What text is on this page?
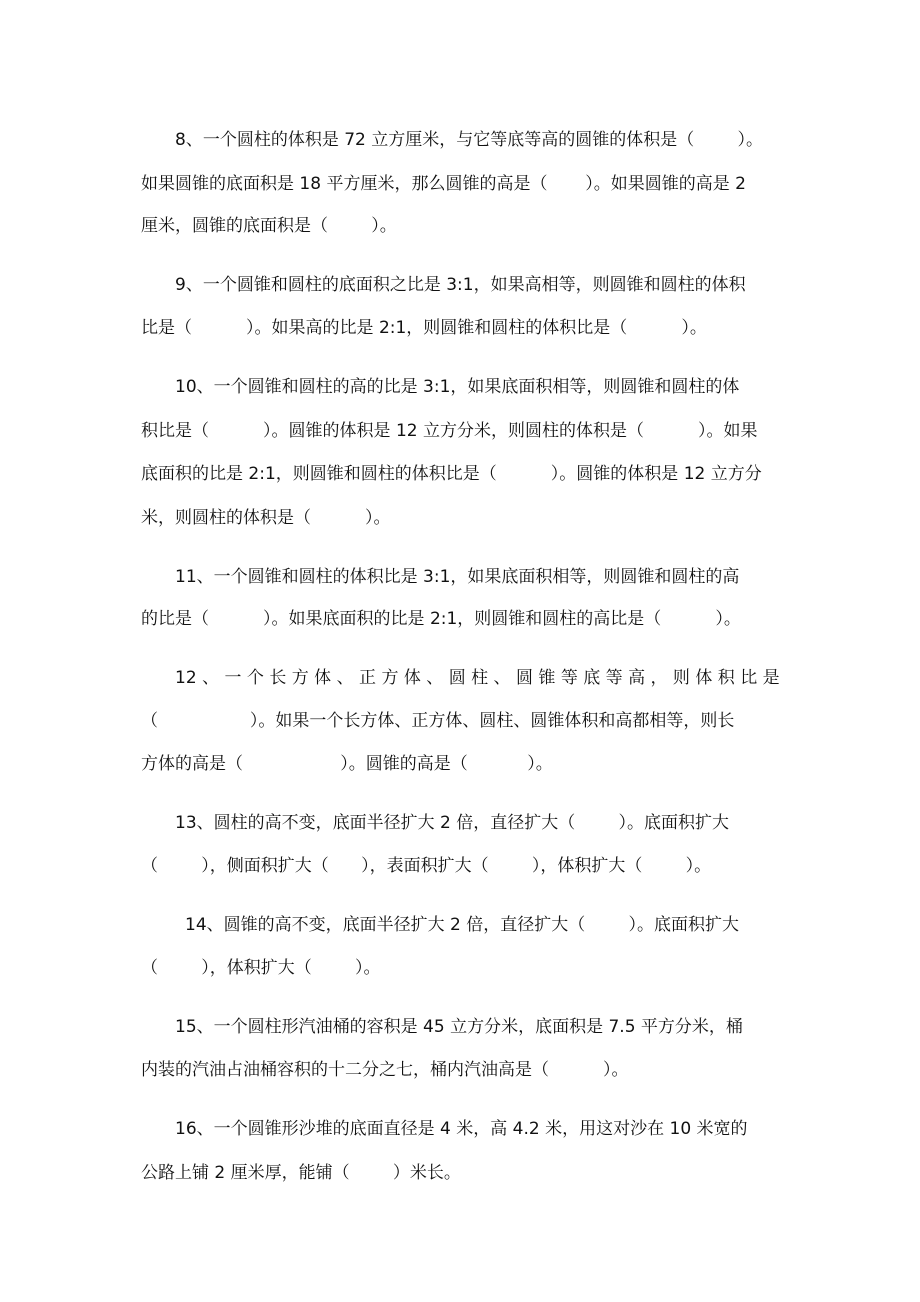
8、一个圆柱的体积是 72 立方厘米，与它等底等高的圆锥的体积是（        ）。
如果圆锥的底面积是 18 平方厘米，那么圆锥的高是（       ）。如果圆锥的高是 2
厘米，圆锥的底面积是（        ）。
9、一个圆锥和圆柱的底面积之比是 3:1，如果高相等，则圆锥和圆柱的体积
比是（          ）。如果高的比是 2:1，则圆锥和圆柱的体积比是（          ）。
10、一个圆锥和圆柱的高的比是 3:1，如果底面积相等，则圆锥和圆柱的体
积比是（          ）。圆锥的体积是 12 立方分米，则圆柱的体积是（          ）。如果
底面积的比是 2:1，则圆锥和圆柱的体积比是（          ）。圆锥的体积是 12 立方分
米，则圆柱的体积是（          ）。
11、一个圆锥和圆柱的体积比是 3:1，如果底面积相等，则圆锥和圆柱的高
的比是（          ）。如果底面积的比是 2:1，则圆锥和圆柱的高比是（          ）。
12 、 一 个 长 方 体 、 正 方 体 、 圆 柱 、 圆 锥 等 底 等 高 ， 则 体 积 比 是
（                 ）。如果一个长方体、正方体、圆柱、圆锥体积和高都相等，则长
方体的高是（                  ）。圆锥的高是（           ）。
13、圆柱的高不变，底面半径扩大 2 倍，直径扩大（        ）。底面积扩大
（        ），侧面积扩大（      ），表面积扩大（        ），体积扩大（        ）。
14、圆锥的高不变，底面半径扩大 2 倍，直径扩大（        ）。底面积扩大
（        ），体积扩大（        ）。
15、一个圆柱形汽油桶的容积是 45 立方分米，底面积是 7.5 平方分米，桶
内装的汽油占油桶容积的十二分之七，桶内汽油高是（          ）。
16、一个圆锥形沙堆的底面直径是 4 米，高 4.2 米，用这对沙在 10 米宽的
公路上铺 2 厘米厚，能铺（        ）米长。
